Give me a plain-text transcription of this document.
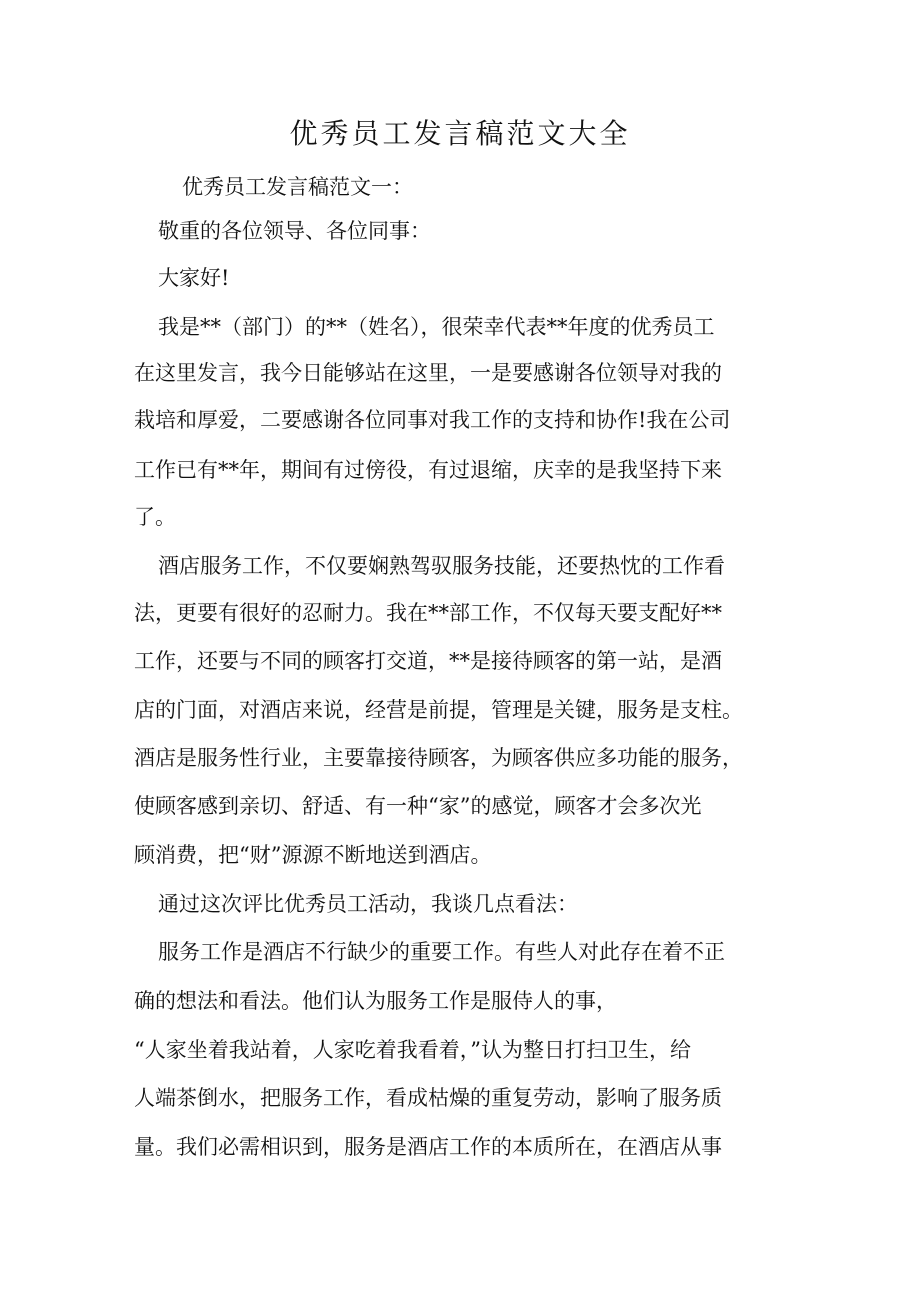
优秀员工发言稿范文大全
优秀员工发言稿范文一：
敬重的各位领导、各位同事：
大家好!
我是**（部门）的**（姓名），很荣幸代表**年度的优秀员工
在这里发言，我今日能够站在这里，一是要感谢各位领导对我的
栽培和厚爱，二要感谢各位同事对我工作的支持和协作!我在公司
工作已有**年，期间有过傍役，有过退缩，庆幸的是我坚持下来
了。
酒店服务工作，不仅要娴熟驾驭服务技能，还要热忱的工作看
法，更要有很好的忍耐力。我在**部工作，不仅每天要支配好**
工作，还要与不同的顾客打交道，**是接待顾客的第一站，是酒
店的门面，对酒店来说，经营是前提，管理是关键，服务是支柱。
酒店是服务性行业，主要靠接待顾客，为顾客供应多功能的服务，
使顾客感到亲切、舒适、有一种“家”的感觉，顾客才会多次光
顾消费，把“财”源源不断地送到酒店。
通过这次评比优秀员工活动，我谈几点看法：
服务工作是酒店不行缺少的重要工作。有些人对此存在着不正
确的想法和看法。他们认为服务工作是服侍人的事，
“人家坐着我站着，人家吃着我看着，”认为整日打扫卫生，给
人端茶倒水，把服务工作，看成枯燥的重复劳动，影响了服务质
量。我们必需相识到，服务是酒店工作的本质所在，在酒店从事
